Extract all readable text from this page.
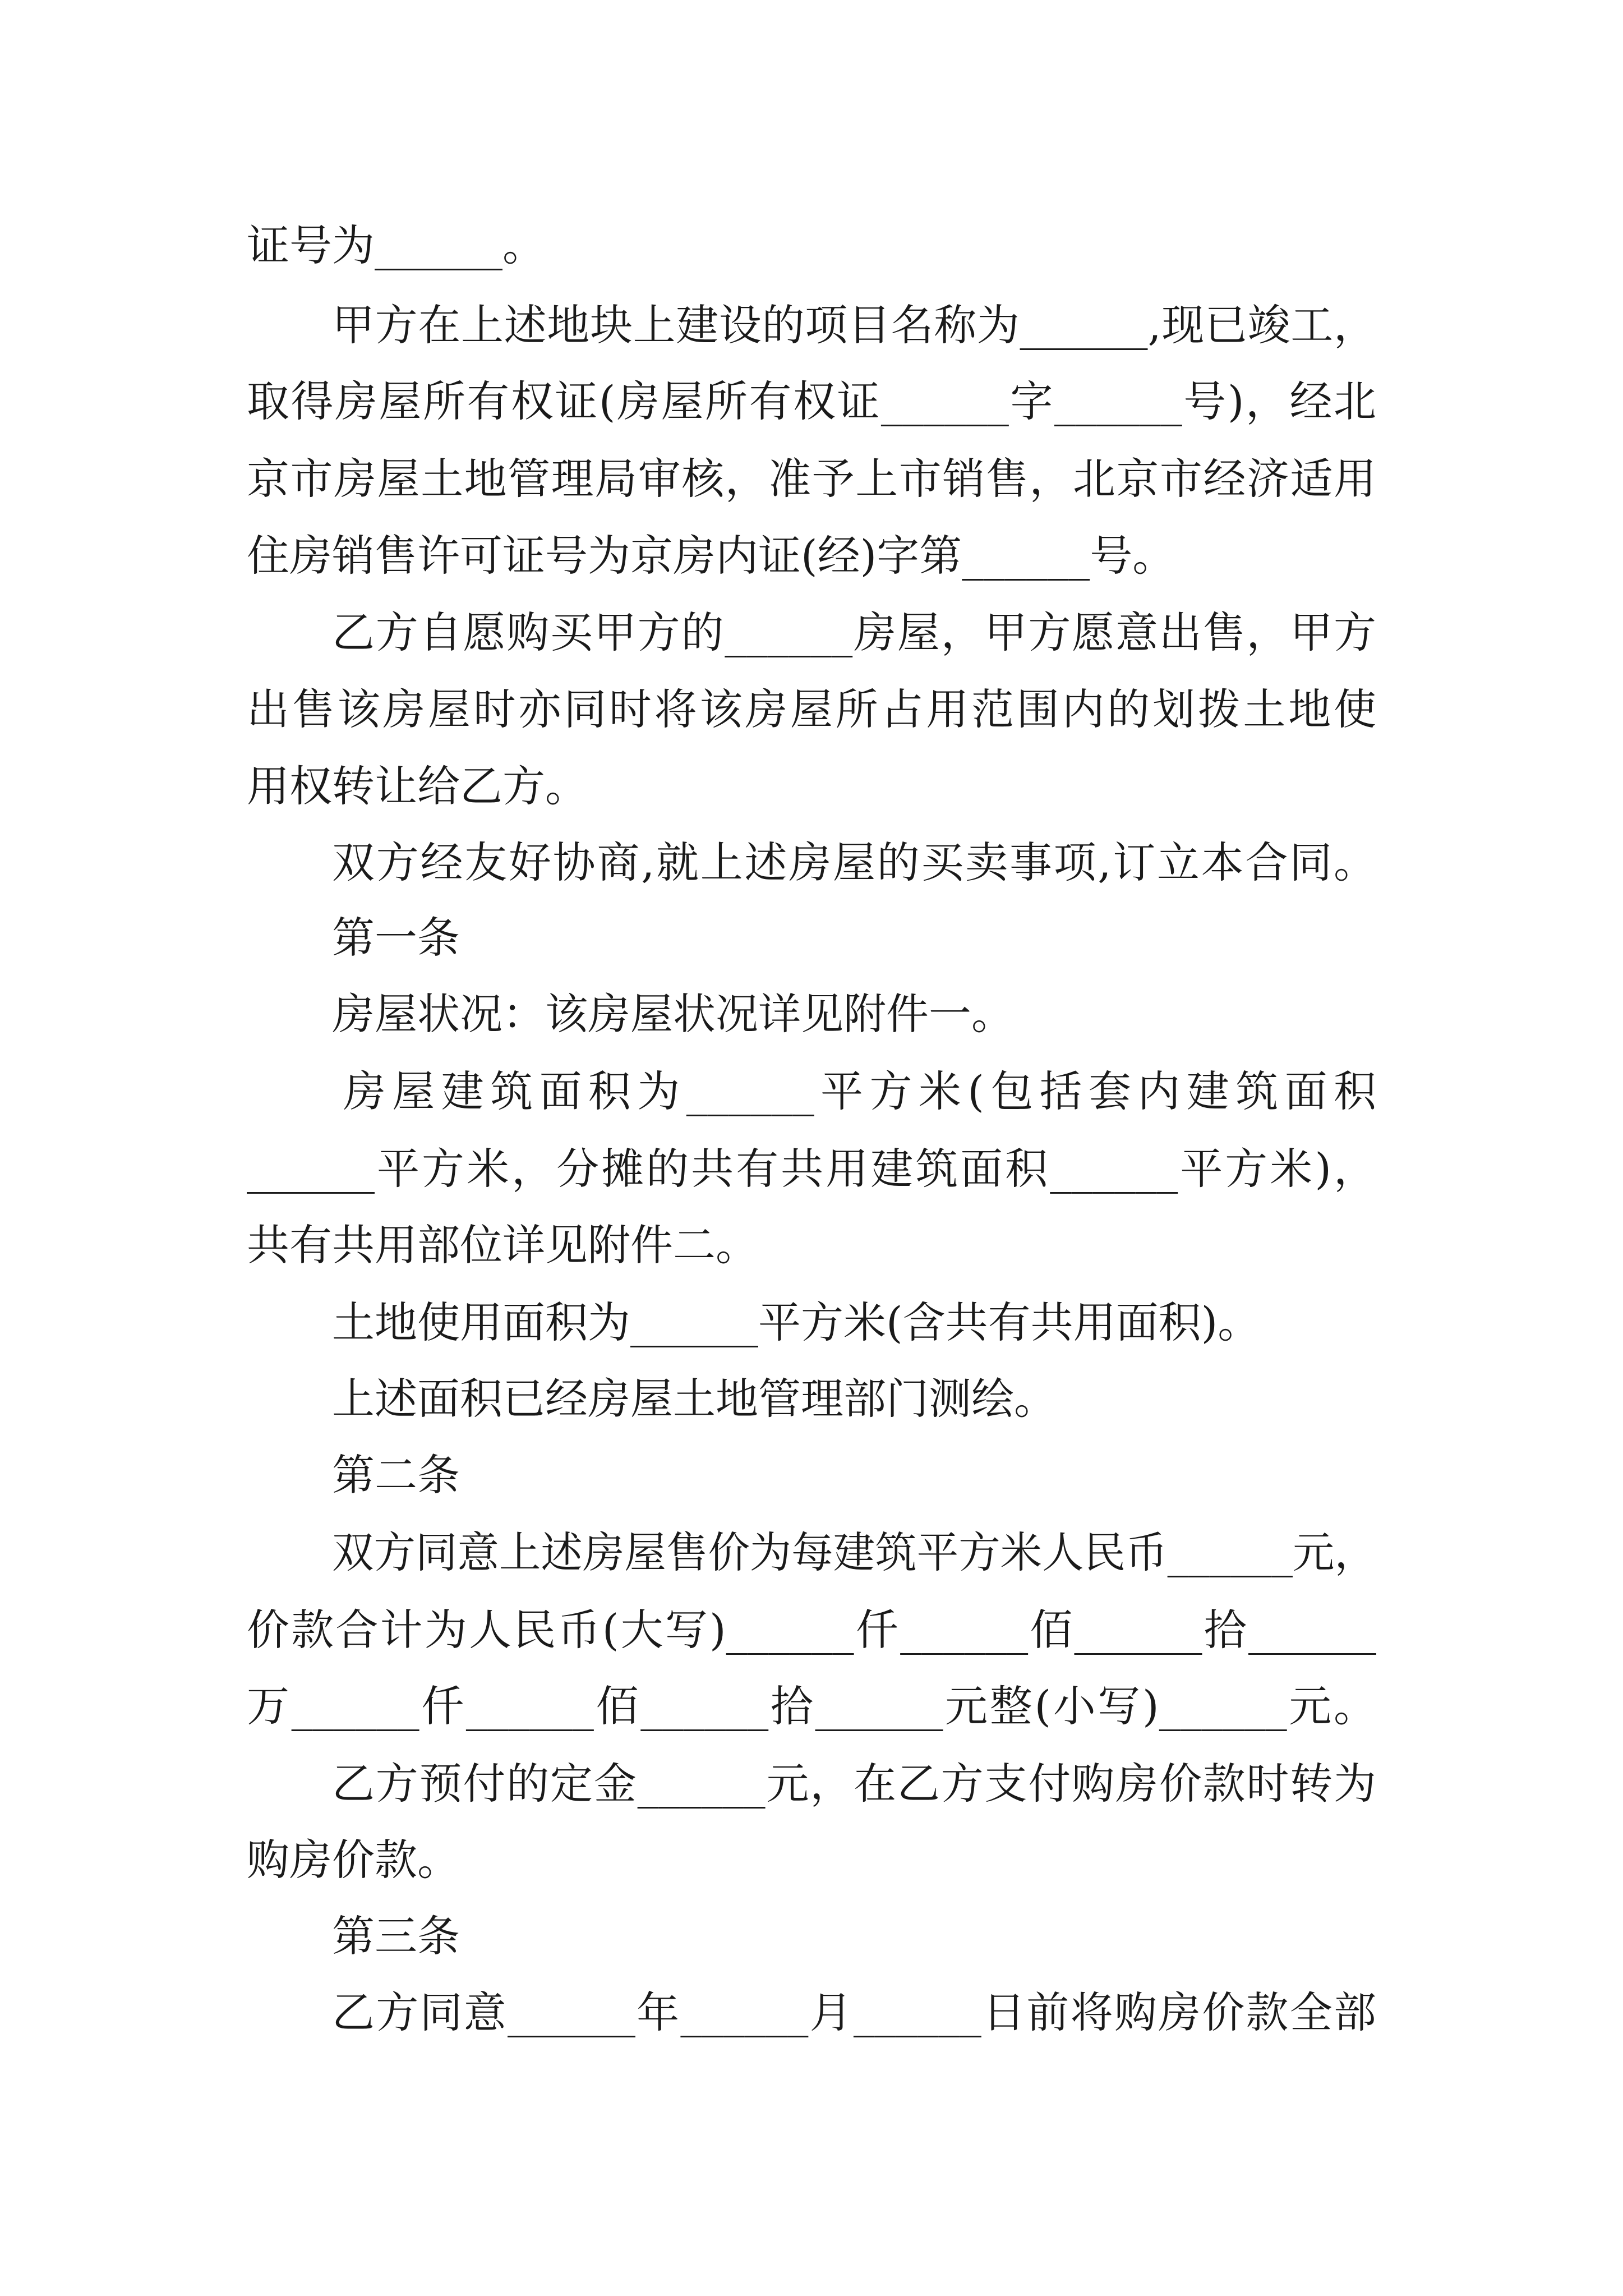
证号为______。
甲方在上述地块上建设的项目名称为______,现已竣工，
取得房屋所有权证(房屋所有权证______字______号)，经北
京市房屋土地管理局审核，准予上市销售，北京市经济适用
住房销售许可证号为京房内证(经)字第______号。
乙方自愿购买甲方的______房屋，甲方愿意出售，甲方
出售该房屋时亦同时将该房屋所占用范围内的划拨土地使
用权转让给乙方。
双方经友好协商,就上述房屋的买卖事项,订立本合同。
第一条
房屋状况：该房屋状况详见附件一。
房屋建筑面积为______平方米(包括套内建筑面积
______平方米，分摊的共有共用建筑面积______平方米)，
共有共用部位详见附件二。
土地使用面积为______平方米(含共有共用面积)。
上述面积已经房屋土地管理部门测绘。
第二条
双方同意上述房屋售价为每建筑平方米人民币______元，
价款合计为人民币(大写)______仟______佰______拾______
万______仟______佰______拾______元整(小写)______元。
乙方预付的定金______元，在乙方支付购房价款时转为
购房价款。
第三条
乙方同意______年______月______日前将购房价款全部
